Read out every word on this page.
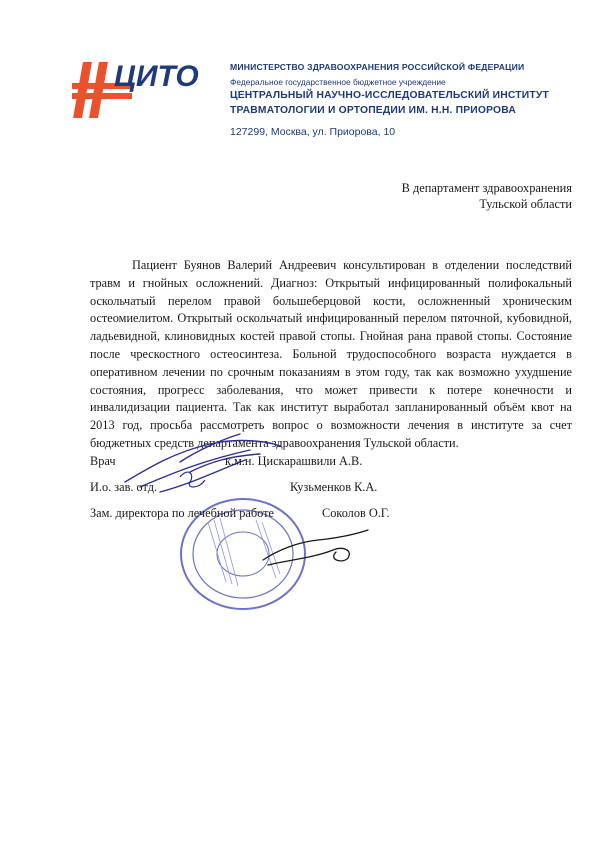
ЦИТО	МИНИСТЕРСТВО ЗДРАВООХРАНЕНИЯ РОССИЙСКОЙ ФЕДЕРАЦИИ
Федеральное государственное бюджетное учреждение
ЦЕНТРАЛЬНЫЙ НАУЧНО-ИССЛЕДОВАТЕЛЬСКИЙ ИНСТИТУТ
ТРАВМАТОЛОГИИ И ОРТОПЕДИИ ИМ. Н.Н. ПРИОРОВА
127299, Москва, ул. Приорова, 10
В департамент здравоохранения
Тульской области

Пациент Буянов Валерий Андреевич консультирован в отделении последствий травм и гнойных осложнений. Диагноз: Открытый инфицированный полифокальный оскольчатый перелом правой большеберцовой кости, осложненный хроническим остеомиелитом. Открытый оскольчатый инфицированный перелом пяточной, кубовидной, ладьевидной, клиновидных костей правой стопы. Гнойная рана правой стопы. Состояние после чрескостного остеосинтеза. Больной трудоспособного возраста нуждается в оперативном лечении по срочным показаниям в этом году, так как возможно ухудшение состояния, прогресс заболевания, что может привести к потере конечности и инвалидизации пациента. Так как институт выработал запланированный объём квот на 2013 год, просьба рассмотреть вопрос о возможности лечения в институте за счет бюджетных средств департамента здравоохранения Тульской области.

Врач	к.м.н. Цискарашвили А.В.
И.о. зав. отд.	Кузьменков К.А.
Зам. директора по лечебной работе	Соколов О.Г.
